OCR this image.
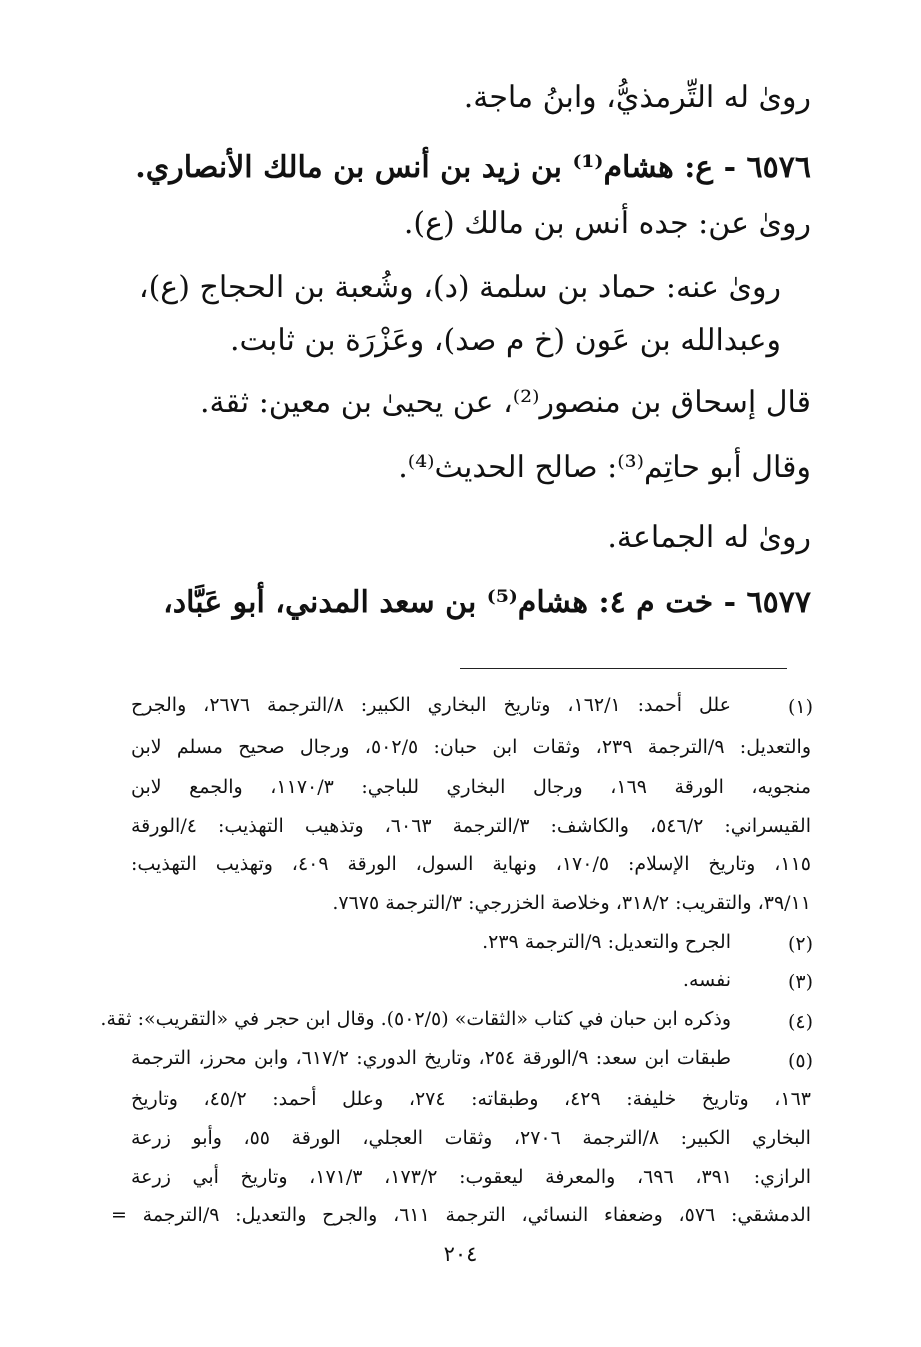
رویٰ له التِّرمذيُّ، وابنُ ماجة.
٦٥٧٦ - ع: هشام⁽¹⁾ بن زيد بن أنس بن مالك الأنصاري.
رویٰ عن: جده أنس بن مالك (ع).
رویٰ عنه: حماد بن سلمة (د)، وشُعبة بن الحجاج (ع)،
وعبدالله بن عَون (خ م صد)، وعَزْرَة بن ثابت.
قال إسحاق بن منصور⁽²⁾، عن يحيیٰ بن معين: ثقة.
وقال أبو حاتِم⁽³⁾: صالح الحديث⁽⁴⁾.
رویٰ له الجماعة.
٦٥٧٧ - خت م ٤: هشام⁽⁵⁾ بن سعد المدني، أبو عَبَّاد،
(١)
علل أحمد: ١٦٢/١، وتاريخ البخاري الكبير: ٨/الترجمة ٢٦٧٦، والجرح
والتعديل: ٩/الترجمة ٢٣٩، وثقات ابن حبان: ٥٠٢/٥، ورجال صحيح مسلم لابن
منجويه، الورقة ١٦٩، ورجال البخاري للباجي: ١١٧٠/٣، والجمع لابن
القيسراني: ٥٤٦/٢، والكاشف: ٣/الترجمة ٦٠٦٣، وتذهيب التهذيب: ٤/الورقة
١١٥، وتاريخ الإسلام: ١٧٠/٥، ونهاية السول، الورقة ٤٠٩، وتهذيب التهذيب:
٣٩/١١، والتقريب: ٣١٨/٢، وخلاصة الخزرجي: ٣/الترجمة ٧٦٧٥.
(٢)
الجرح والتعديل: ٩/الترجمة ٢٣٩.
(٣)
نفسه.
(٤)
وذكره ابن حبان في كتاب «الثقات» (٥٠٢/٥). وقال ابن حجر في «التقريب»: ثقة.
(٥)
طبقات ابن سعد: ٩/الورقة ٢٥٤، وتاريخ الدوري: ٦١٧/٢، وابن محرز، الترجمة
١٦٣، وتاريخ خليفة: ٤٢٩، وطبقاته: ٢٧٤، وعلل أحمد: ٤٥/٢، وتاريخ
البخاري الكبير: ٨/الترجمة ٢٧٠٦، وثقات العجلي، الورقة ٥٥، وأبو زرعة
الرازي: ٣٩١، ٦٩٦، والمعرفة ليعقوب: ١٧٣/٢، ١٧١/٣، وتاريخ أبي زرعة
الدمشقي: ٥٧٦، وضعفاء النسائي، الترجمة ٦١١، والجرح والتعديل: ٩/الترجمة =
٢٠٤
